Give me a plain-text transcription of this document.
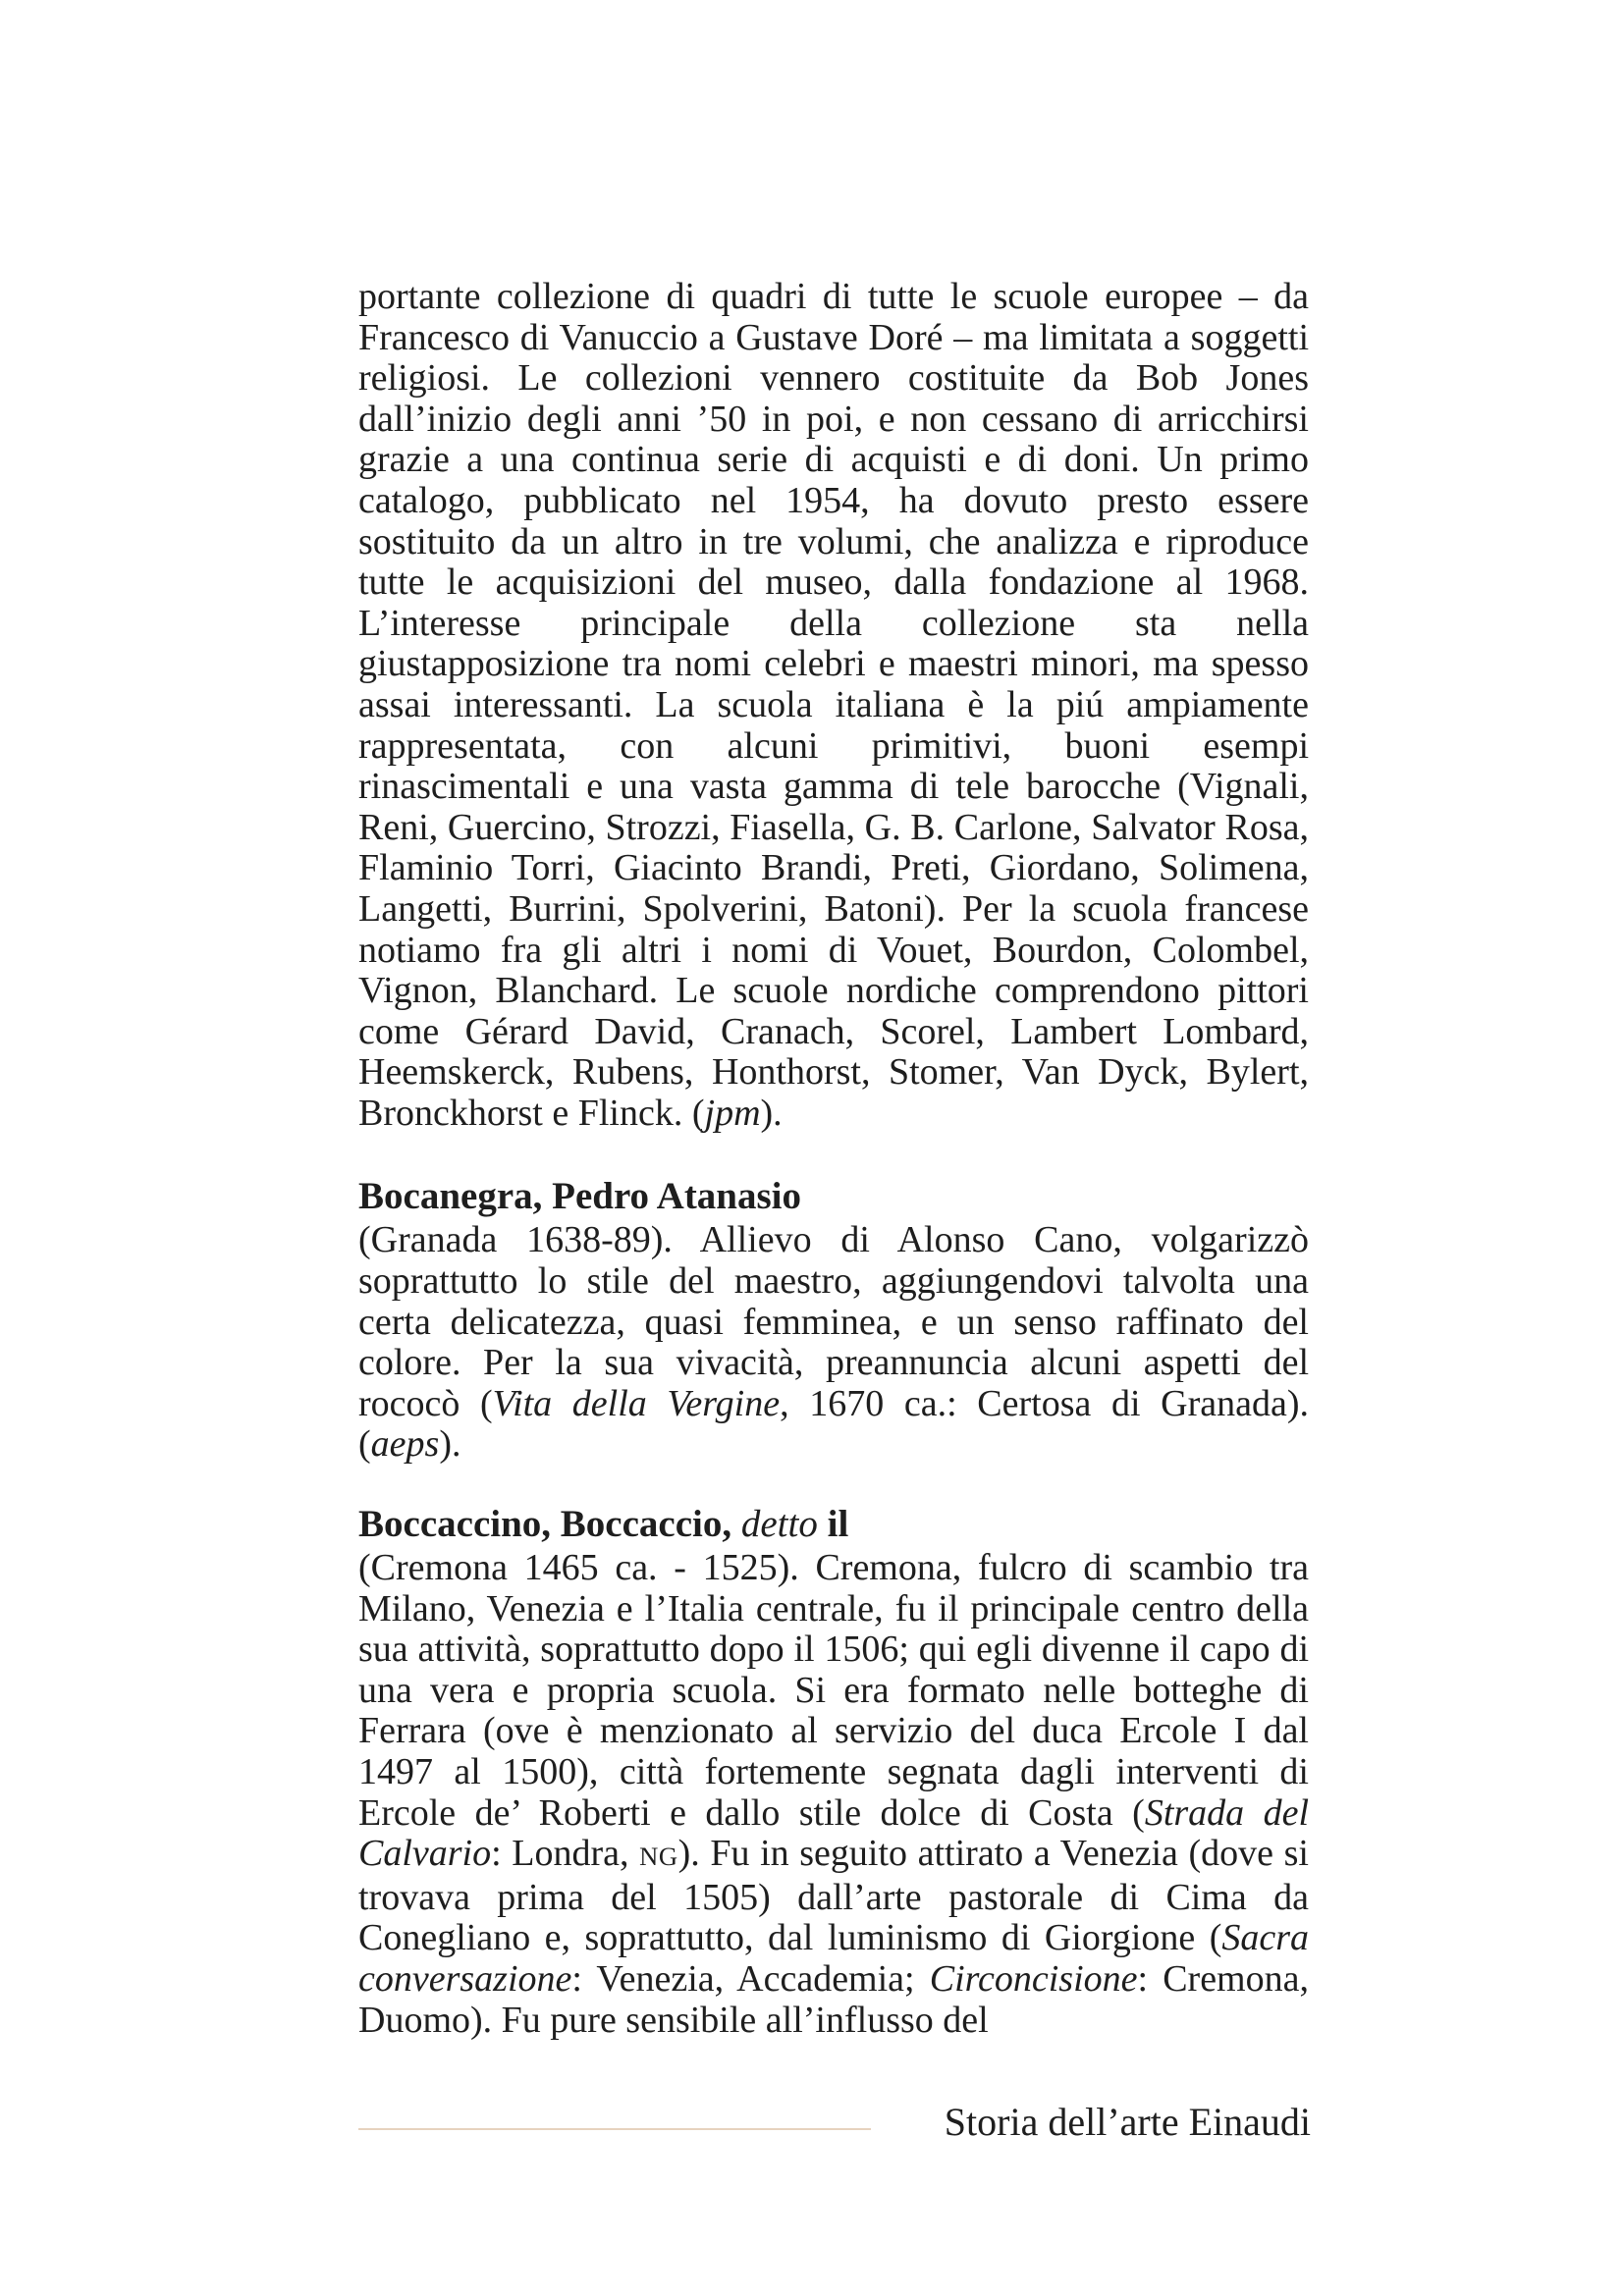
portante collezione di quadri di tutte le scuole europee – da Francesco di Vanuccio a Gustave Doré – ma limitata a soggetti religiosi. Le collezioni vennero costituite da Bob Jones dall’inizio degli anni ’50 in poi, e non cessano di arricchirsi grazie a una continua serie di acquisti e di doni. Un primo catalogo, pubblicato nel 1954, ha dovuto presto essere sostituito da un altro in tre volumi, che analizza e riproduce tutte le acquisizioni del museo, dalla fondazione al 1968. L’interesse principale della collezione sta nella giustapposizione tra nomi celebri e maestri minori, ma spesso assai interessanti. La scuola italiana è la piú ampiamente rappresentata, con alcuni primitivi, buoni esempi rinascimentali e una vasta gamma di tele barocche (Vignali, Reni, Guercino, Strozzi, Fiasella, G. B. Carlone, Salvator Rosa, Flaminio Torri, Giacinto Brandi, Preti, Giordano, Solimena, Langetti, Burrini, Spolverini, Batoni). Per la scuola francese notiamo fra gli altri i nomi di Vouet, Bourdon, Colombel, Vignon, Blanchard. Le scuole nordiche comprendono pittori come Gérard David, Cranach, Scorel, Lambert Lombard, Heemskerck, Rubens, Honthorst, Stomer, Van Dyck, Bylert, Bronckhorst e Flinck. (jpm).

Bocanegra, Pedro Atanasio

(Granada 1638-89). Allievo di Alonso Cano, volgarizzò soprattutto lo stile del maestro, aggiungendovi talvolta una certa delicatezza, quasi femminea, e un senso raffinato del colore. Per la sua vivacità, preannuncia alcuni aspetti del rococò (Vita della Vergine, 1670 ca.: Certosa di Granada). (aeps).

Boccaccino, Boccaccio, detto il

(Cremona 1465 ca. - 1525). Cremona, fulcro di scambio tra Milano, Venezia e l’Italia centrale, fu il principale centro della sua attività, soprattutto dopo il 1506; qui egli divenne il capo di una vera e propria scuola. Si era formato nelle botteghe di Ferrara (ove è menzionato al servizio del duca Ercole I dal 1497 al 1500), città fortemente segnata dagli interventi di Ercole de’ Roberti e dallo stile dolce di Costa (Strada del Calvario: Londra, NG). Fu in seguito attirato a Venezia (dove si trovava prima del 1505) dall’arte pastorale di Cima da Conegliano e, soprattutto, dal luminismo di Giorgione (Sacra conversazione: Venezia, Accademia; Circoncisione: Cremona, Duomo). Fu pure sensibile all’influsso del

Storia dell’arte Einaudi
